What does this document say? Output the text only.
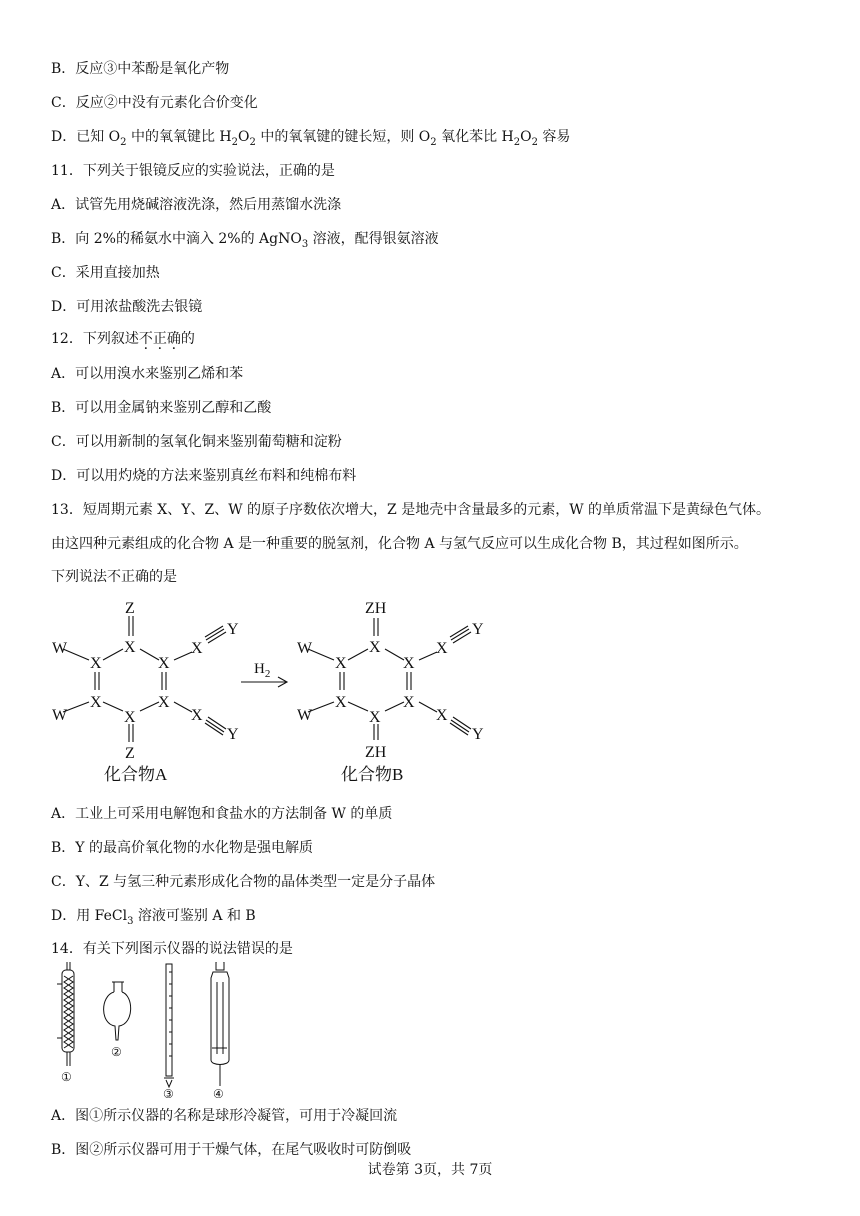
B．反应③中苯酚是氧化产物
C．反应②中没有元素化合价变化
D．已知 $O_2$ 中的氧氧键比 $H_2O_2$ 中的氧氧键的键长短，则 $O_2$ 氧化苯比 $H_2O_2$ 容易
11．下列关于银镜反应的实验说法，正确的是
A．试管先用烧碱溶液洗涤，然后用蒸馏水洗涤
B．向 2%的稀氨水中滴入 2%的 AgNO$_3$ 溶液，配得银氨溶液
C．采用直接加热
D．可用浓盐酸洗去银镜
12．下列叙述不正确的
A．可以用溴水来鉴别乙烯和苯
B．可以用金属钠来鉴别乙醇和乙酸
C．可以用新制的氢氧化铜来鉴别葡萄糖和淀粉
D．可以用灼烧的方法来鉴别真丝布料和纯棉布料
13．短周期元素 X、Y、Z、W 的原子序数依次增大，Z 是地壳中含量最多的元素，W 的单质常温下是黄绿色气体。
由这四种元素组成的化合物 A 是一种重要的脱氢剂，化合物 A 与氢气反应可以生成化合物 B，其过程如图所示。
下列说法不正确的是
Z
W
X
X
X
X
Y
X	X
W	X	X
Y
Z
$H_2$
ZH
W
X
X
X
X
Y
X	X
W	X	X
Y
ZH
化合物A	化合物B
A．工业上可采用电解饱和食盐水的方法制备 W 的单质
B．Y 的最高价氧化物的水化物是强电解质
C．Y、Z 与氢三种元素形成化合物的晶体类型一定是分子晶体
D．用 FeCl$_3$ 溶液可鉴别 A 和 B
14．有关下列图示仪器的说法错误的是
①
②
③	④
A．图①所示仪器的名称是球形冷凝管，可用于冷凝回流
B．图②所示仪器可用于干燥气体，在尾气吸收时可防倒吸
试卷第 3页，共 7页
